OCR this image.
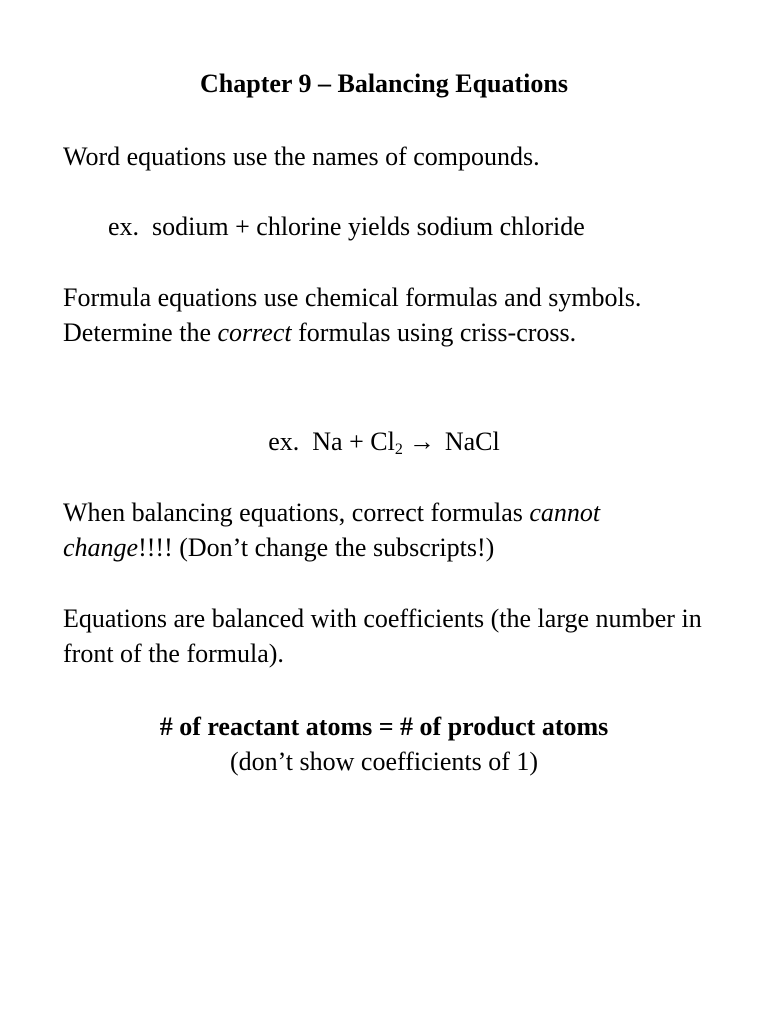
Chapter 9 – Balancing Equations
Word equations use the names of compounds.
ex. sodium + chlorine yields sodium chloride
Formula equations use chemical formulas and symbols. Determine the correct formulas using criss-cross.
ex. $Na + Cl_2$ → NaCl
When balancing equations, correct formulas cannot change!!!! (Don’t change the subscripts!)
Equations are balanced with coefficients (the large number in front of the formula).
# of reactant atoms = # of product atoms
(don’t show coefficients of 1)
